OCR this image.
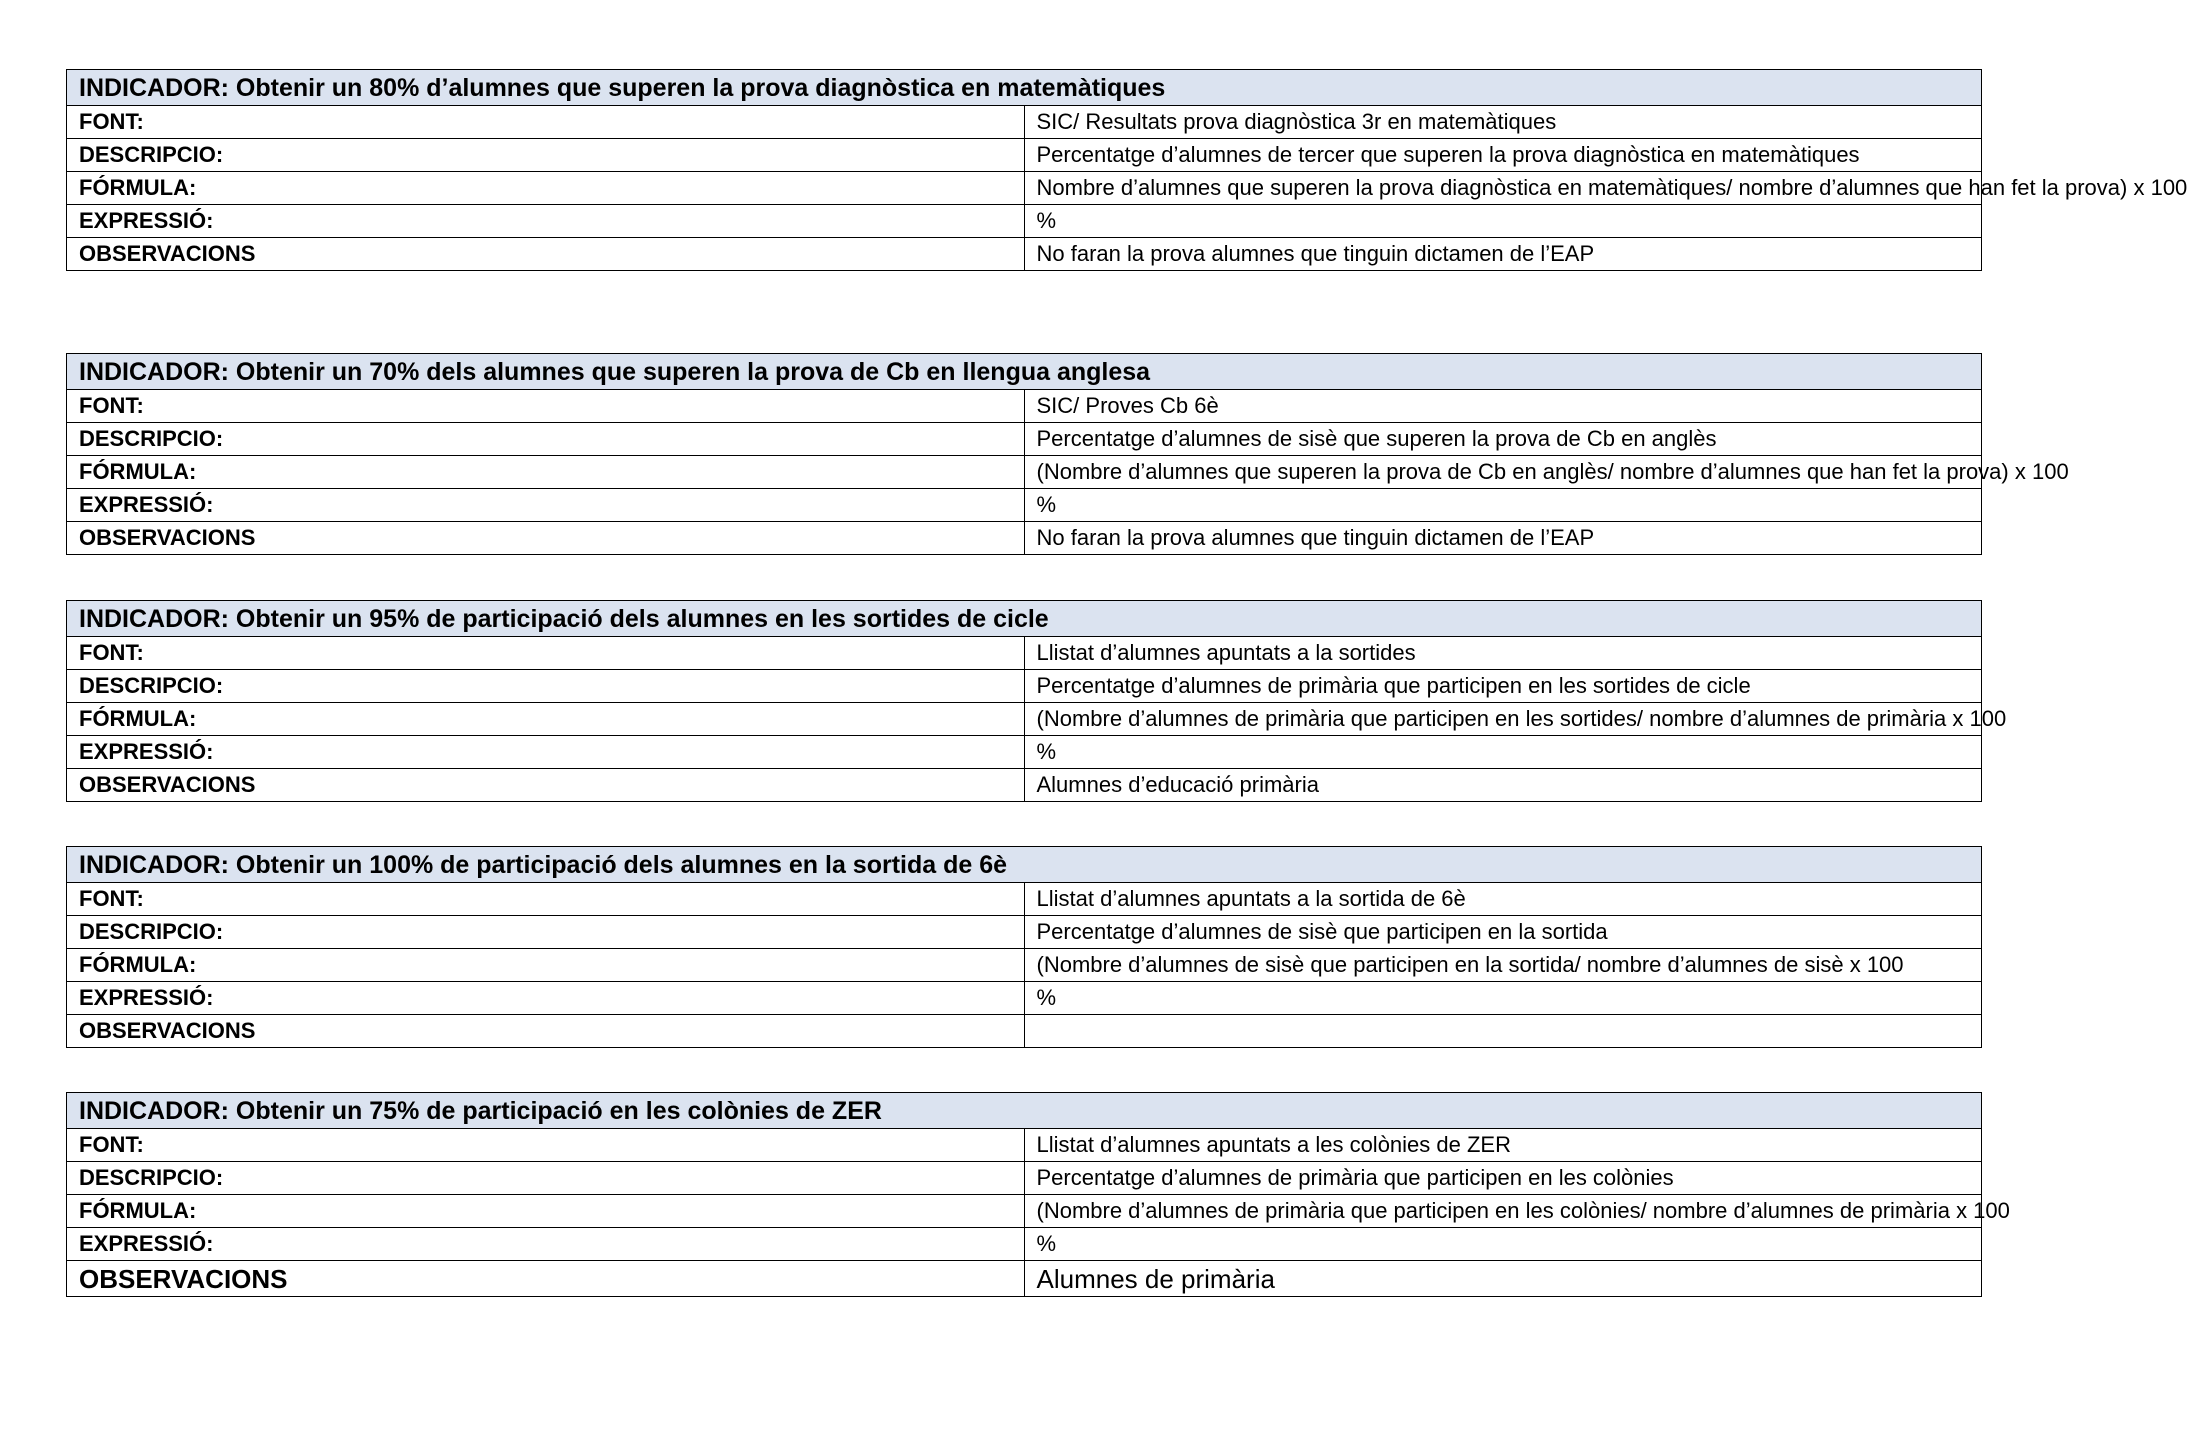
INDICADOR: Obtenir un 80% d’alumnes que superen la prova diagnòstica en matemàtiques	
FONT:	SIC/ Resultats prova diagnòstica 3r en matemàtiques
DESCRIPCIO:	Percentatge d’alumnes de tercer que superen la prova diagnòstica en matemàtiques
FÓRMULA:	Nombre d’alumnes que superen la prova diagnòstica en matemàtiques/ nombre d’alumnes que han fet la prova) x 100
EXPRESSIÓ:	%
OBSERVACIONS	No faran la prova alumnes que tinguin dictamen de l’EAP
INDICADOR: Obtenir un 70% dels alumnes que superen la prova de Cb en llengua anglesa	
FONT:	SIC/ Proves Cb 6è
DESCRIPCIO:	Percentatge d’alumnes de sisè que superen la prova de Cb en anglès
FÓRMULA:	(Nombre d’alumnes que superen la prova de Cb en anglès/ nombre d’alumnes que han fet la prova) x 100
EXPRESSIÓ:	%
OBSERVACIONS	No faran la prova alumnes que tinguin dictamen de l’EAP
INDICADOR: Obtenir un 95% de participació dels alumnes en les sortides de cicle	
FONT:	Llistat d’alumnes apuntats a la sortides
DESCRIPCIO:	Percentatge d’alumnes de primària que participen en les sortides de cicle
FÓRMULA:	(Nombre d’alumnes de primària que participen en les sortides/ nombre d’alumnes de primària x 100
EXPRESSIÓ:	%
OBSERVACIONS	Alumnes d’educació primària
INDICADOR: Obtenir un 100% de participació dels alumnes en la sortida de 6è	
FONT:	Llistat d’alumnes apuntats a la sortida de 6è
DESCRIPCIO:	Percentatge d’alumnes de sisè que participen en la sortida
FÓRMULA:	(Nombre d’alumnes de sisè que participen en la sortida/ nombre d’alumnes de sisè x 100
EXPRESSIÓ:	%
OBSERVACIONS	
INDICADOR: Obtenir un 75% de participació en les colònies de ZER	
FONT:	Llistat d’alumnes apuntats a les colònies de ZER
DESCRIPCIO:	Percentatge d’alumnes de primària que participen en les colònies
FÓRMULA:	(Nombre d’alumnes de primària que participen en les colònies/ nombre d’alumnes de primària x 100
EXPRESSIÓ:	%
OBSERVACIONS	Alumnes de primària
